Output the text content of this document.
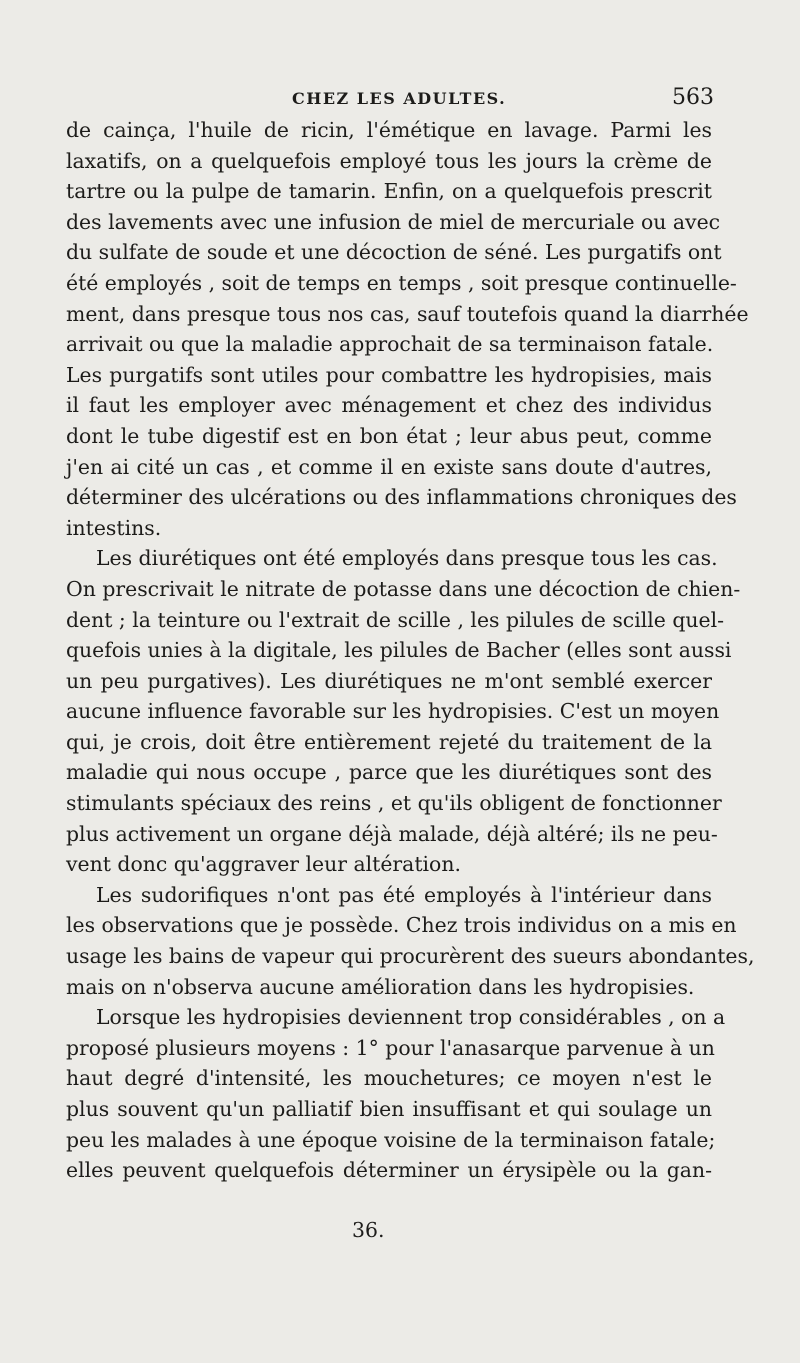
CHEZ LES ADULTES.	563
de cainça, l'huile de ricin, l'émétique en lavage. Parmi les
laxatifs, on a quelquefois employé tous les jours la crème de
tartre ou la pulpe de tamarin. Enfin, on a quelquefois prescrit
des lavements avec une infusion de miel de mercuriale ou avec
du sulfate de soude et une décoction de séné. Les purgatifs ont
été employés , soit de temps en temps , soit presque continuelle-
ment, dans presque tous nos cas, sauf toutefois quand la diarrhée
arrivait ou que la maladie approchait de sa terminaison fatale.
Les purgatifs sont utiles pour combattre les hydropisies, mais
il faut les employer avec ménagement et chez des individus
dont le tube digestif est en bon état ; leur abus peut, comme
j'en ai cité un cas , et comme il en existe sans doute d'autres,
déterminer des ulcérations ou des inflammations chroniques des
intestins.
Les diurétiques ont été employés dans presque tous les cas.
On prescrivait le nitrate de potasse dans une décoction de chien-
dent ; la teinture ou l'extrait de scille , les pilules de scille quel-
quefois unies à la digitale, les pilules de Bacher (elles sont aussi
un peu purgatives). Les diurétiques ne m'ont semblé exercer
aucune influence favorable sur les hydropisies. C'est un moyen
qui, je crois, doit être entièrement rejeté du traitement de la
maladie qui nous occupe , parce que les diurétiques sont des
stimulants spéciaux des reins , et qu'ils obligent de fonctionner
plus activement un organe déjà malade, déjà altéré; ils ne peu-
vent donc qu'aggraver leur altération.
Les sudorifiques n'ont pas été employés à l'intérieur dans
les observations que je possède. Chez trois individus on a mis en
usage les bains de vapeur qui procurèrent des sueurs abondantes,
mais on n'observa aucune amélioration dans les hydropisies.
Lorsque les hydropisies deviennent trop considérables , on a
proposé plusieurs moyens : 1° pour l'anasarque parvenue à un
haut degré d'intensité, les mouchetures; ce moyen n'est le
plus souvent qu'un palliatif bien insuffisant et qui soulage un
peu les malades à une époque voisine de la terminaison fatale;
elles peuvent quelquefois déterminer un érysipèle ou la gan-
36.
